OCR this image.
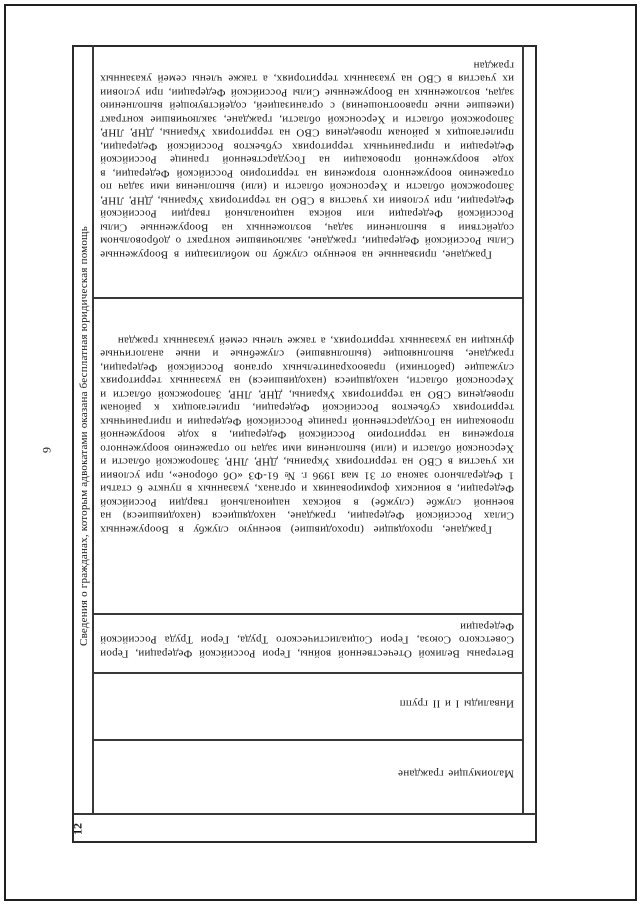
9 Сведения о гражданах, которым адвокатами оказана бесплатная юридическая помощь
12
Граждане, призванные на военную службу по мобилизации в Вооруженные Силы Российской Федерации, граждане, заключившие контракт о добровольном содействии в выполнении задач, возложенных на Вооруженные Силы Российской Федерации или войска национальной гвардии Российской Федерации, при условии их участия в СВО на территориях Украины, ДНР, ЛНР, Запорожской области и Херсонской области и (или) выполнения ими задач по отражению вооруженного вторжения на территорию Российской Федерации, в ходе вооруженной провокации на Государственной границе Российской Федерации и приграничных территориях субъектов Российской Федерации, прилегающих к районам проведения СВО на территориях Украины, ДНР, ЛНР, Запорожской области и Херсонской области, граждане, заключившие контракт (имевшие иные правоотношения) с организацией, содействующей выполнению задач, возложенных на Вооруженные Силы Российской Федерации, при условии их участия в СВО на указанных территориях, а также члены семей указанных граждан
Граждане, проходящие (проходившие) военную службу в Вооруженных Силах Российской Федерации, граждане, находящиеся (находившиеся) на военной службе (службе) в войсках национальной гвардии Российской Федерации, в воинских формированиях и органах, указанных в пункте 6 статьи 1 Федерального закона от 31 мая 1996 г. № 61-ФЗ «Об обороне», при условии их участия в СВО на территориях Украины, ДНР, ЛНР, Запорожской области и Херсонской области и (или) выполнения ими задач по отражению вооруженного вторжения на территорию Российской Федерации, в ходе вооруженной провокации на Государственной границе Российской Федерации и приграничных территориях субъектов Российской Федерации, прилегающих к районам проведения СВО на территориях Украины, ДНР, ЛНР, Запорожской области и Херсонской области, находящиеся (находившиеся) на указанных территориях служащие (работники) правоохранительных органов Российской Федерации, граждане, выполняющие (выполнявшие) служебные и иные аналогичные функции на указанных территориях, а также члены семей указанных граждан
Ветераны Великой Отечественной войны, Герои Российской Федерации, Герои Советского Союза, Герои Социалистического Труда, Герои Труда Российской Федерации
Инвалиды I и II групп
Малоимущие граждане
